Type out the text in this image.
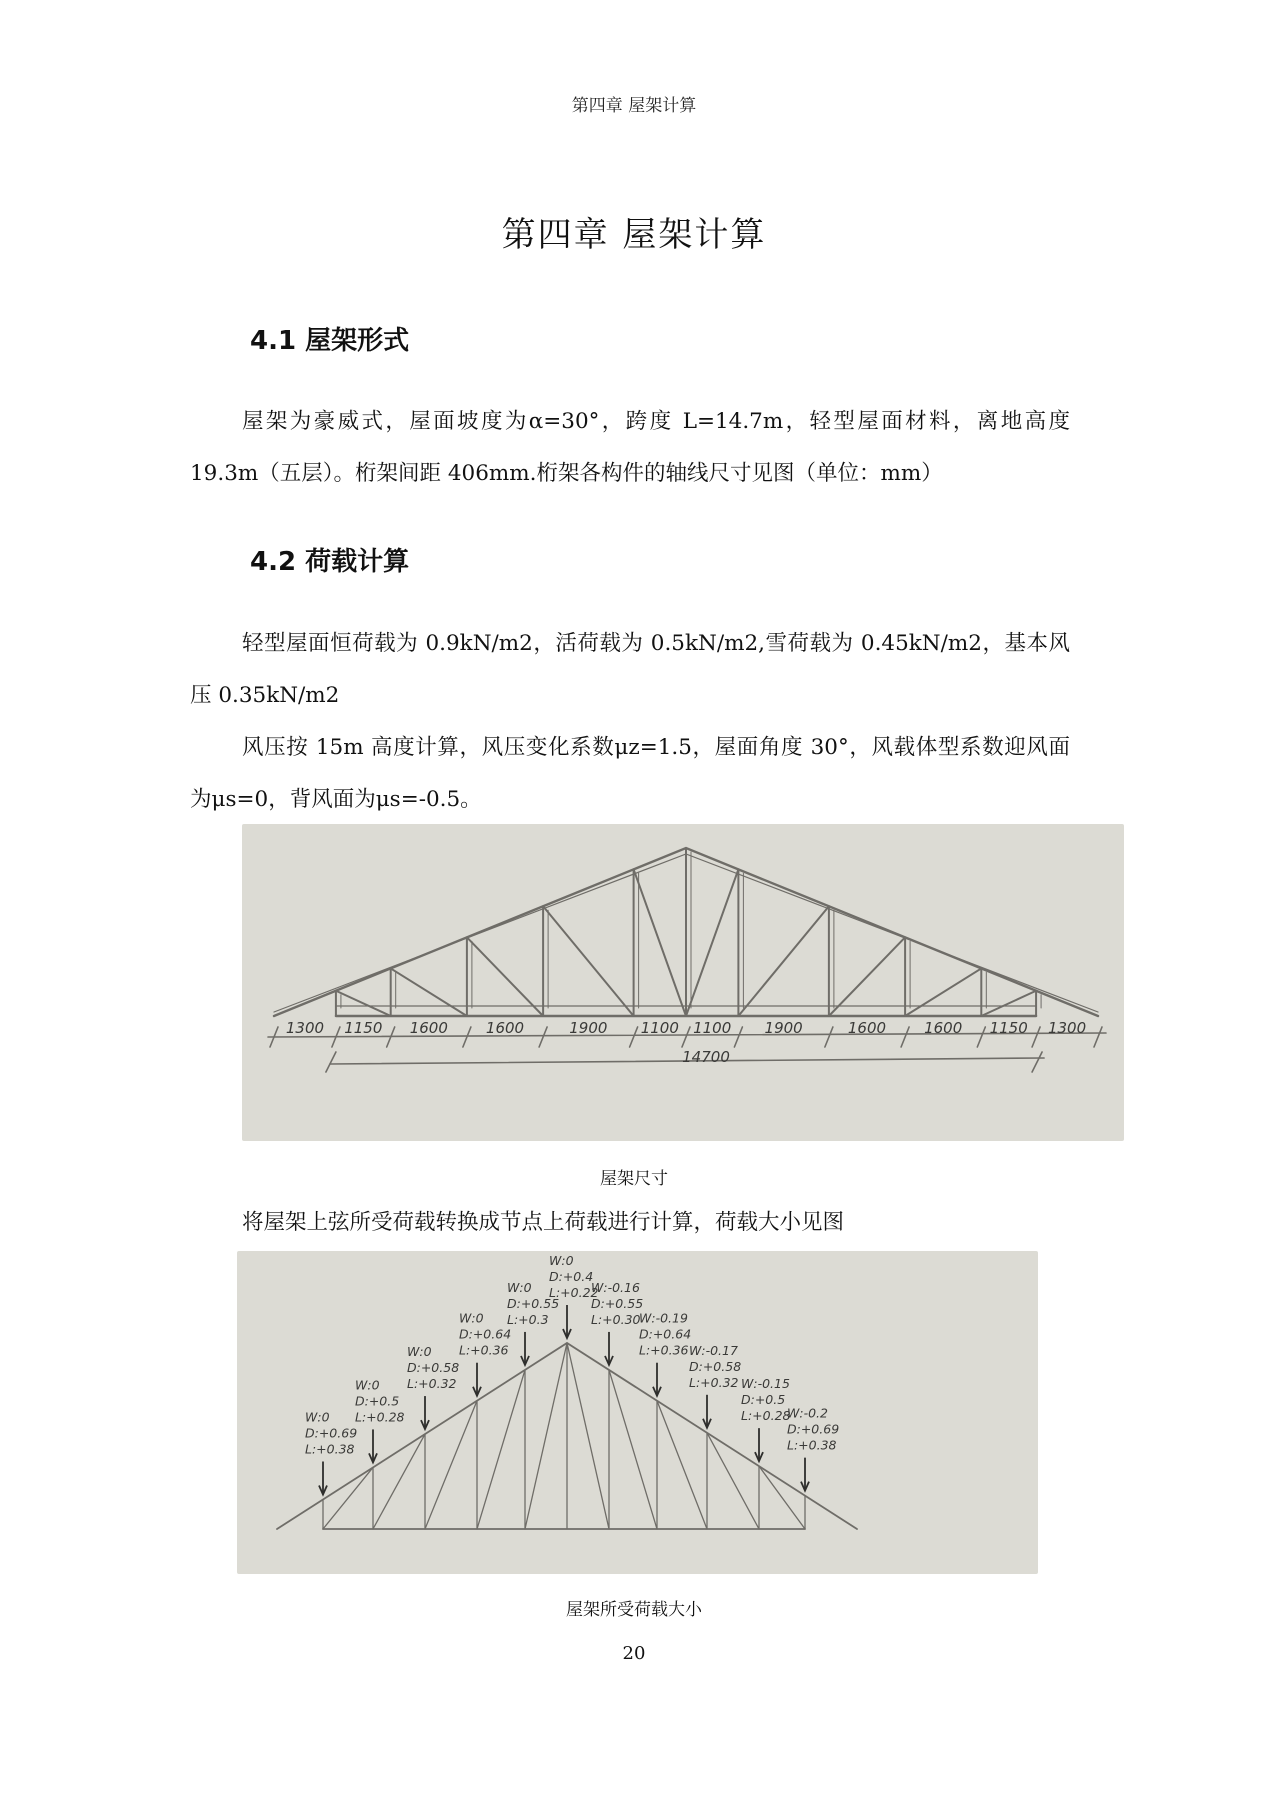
第四章 屋架计算
第四章 屋架计算
4.1 屋架形式

屋架为豪威式，屋面坡度为α=30°，跨度 L=14.7m，轻型屋面材料，离地高度 19.3m（五层）。桁架间距 406mm.桁架各构件的轴线尺寸见图（单位：mm）

4.2 荷载计算

轻型屋面恒荷载为 0.9kN/m2，活荷载为 0.5kN/m2,雪荷载为 0.45kN/m2，基本风压 0.35kN/m2

风压按 15m 高度计算，风压变化系数μz=1.5，屋面角度 30°，风载体型系数迎风面为μs=0，背风面为μs=-0.5。

1300 1150 1600	1600	1900 1100 1100 1900	1600	1600 1150 1300
14700
屋架尺寸

将屋架上弦所受荷载转换成节点上荷载进行计算，荷载大小见图

W:0
D:+0.69
L:+0.38
W:0
D:+0.5
L:+0.28
W:0
D:+0.58
L:+0.32
W:0
D:+0.64
L:+0.36
W:0
D:+0.55
L:+0.3
W:0
D:+0.4
L:+0.22
W:-0.16
D:+0.55
L:+0.30
W:-0.19
D:+0.64
L:+0.36 W:-0.17
D:+0.58
L:+0.32 W:-0.15
D:+0.5
L:+0.28
W:-0.2
D:+0.69
L:+0.38
屋架所受荷载大小
20
